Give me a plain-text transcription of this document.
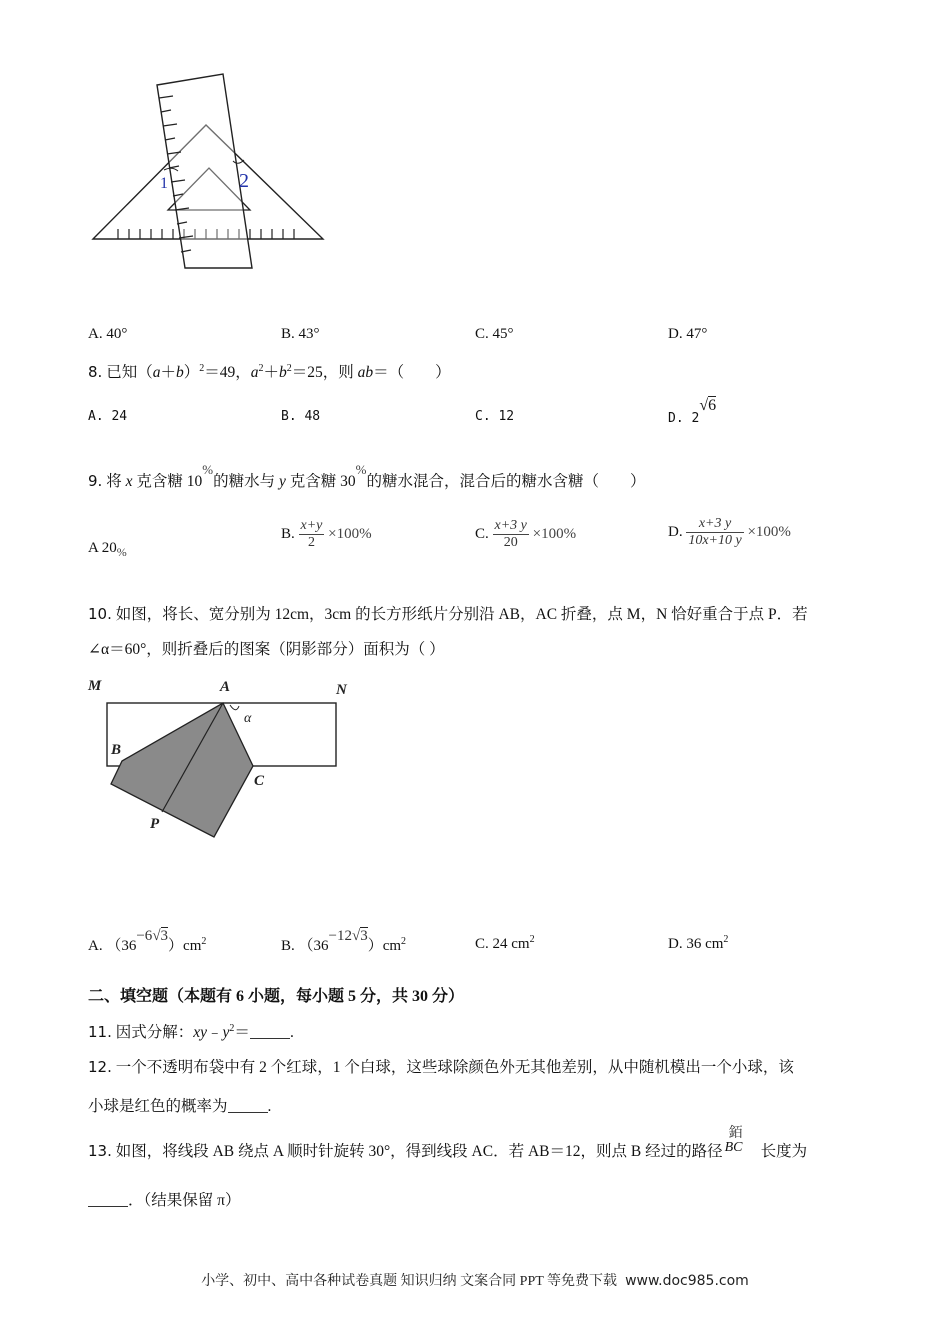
1	2
A. 40°	B. 43°	C. 45°	D. 47°
8. 已知$(a+b)^2=49$，$a^2+b^2=25$，则 ab＝（　　）
A. 24	B. 48	C. 12	D. 2√6
9. 将 x 克含糖 10%的糖水与 y 克含糖 30%的糖水混合，混合后的糖水含糖（　　）
A $20_{\%}$
B. $\frac{x+y}{2} \times 100\%$	C. $\frac{x+3 y}{20} \times 100\%$	D. $\frac{x+3 y}{10x+10 y} \times 100\%$
10. 如图，将长、宽分别为 12cm，3cm 的长方形纸片分别沿 AB，AC 折叠，点 M，N 恰好重合于点 P．若
∠α＝60°，则折叠后的图案（阴影部分）面积为（ ）
M	A	N
α
B
C
P
A. $(36-6√3)cm^2$	B. $(36-12√3)cm^2$	C. 24 $cm^2$	D. 36 $cm^2$
二、填空题（本题有 6 小题，每小题 5 分，共 30 分）
11. 因式分解：$xy﹣y^2=$	.
12. 一个不透明布袋中有 2 个红球，1 个白球，这些球除颜色外无其他差别，从中随机模出一个小球，该
小球是红色的概率为	.
13. 如图，将线段 AB 绕点 A 顺时针旋转 30°，得到线段 AC．若 AB＝12，则点 B 经过的路径
銆 
BC 长度为
．（结果保留 π）
小学、初中、高中各种试卷真题 知识归纳 文案合同 PPT 等免费下载 www.doc985.com
